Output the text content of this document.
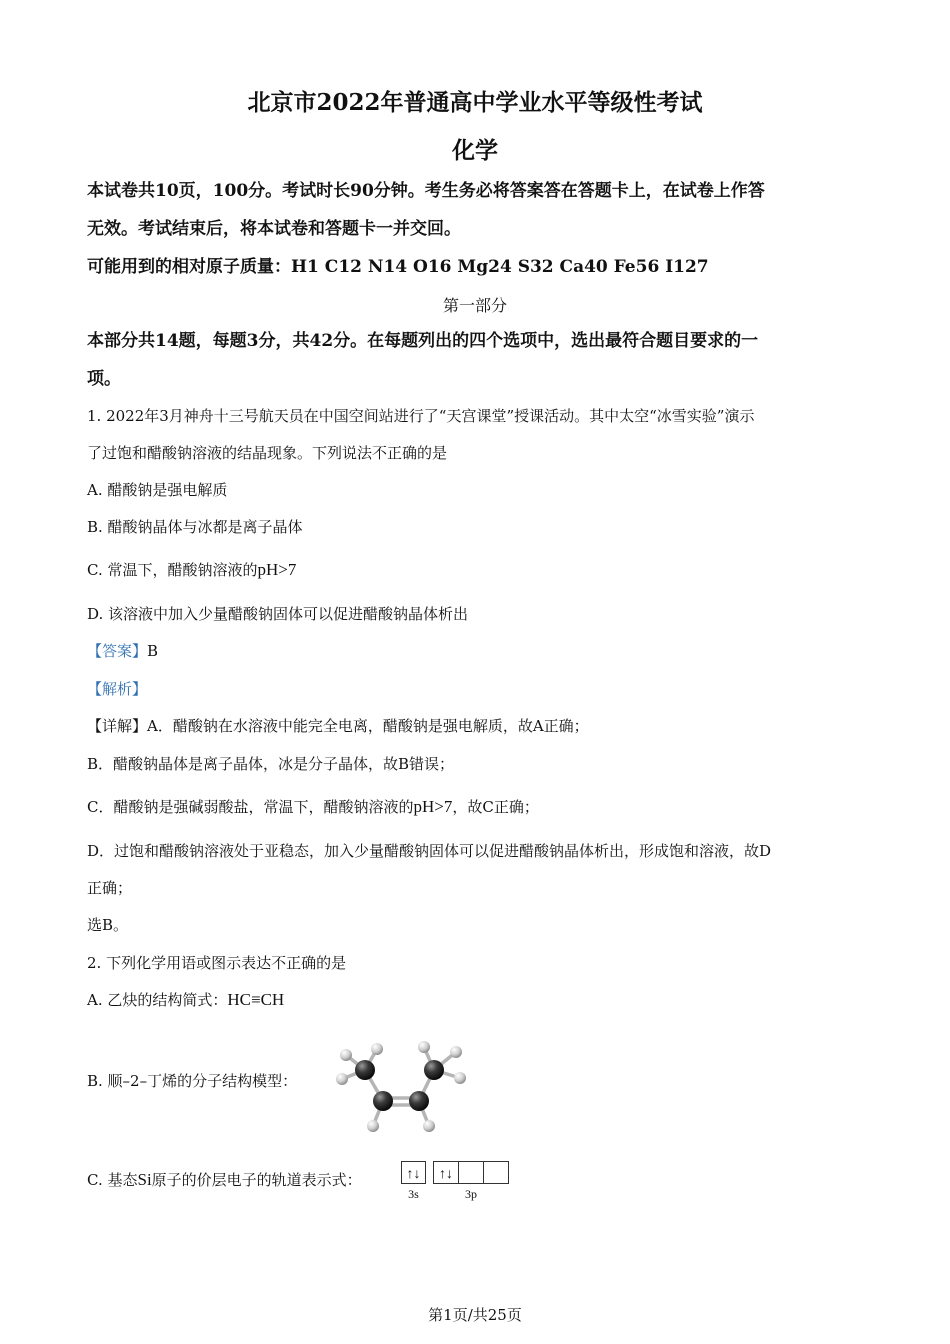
北京市2022年普通高中学业水平等级性考试
化学
本试卷共10页，100分。考试时长90分钟。考生务必将答案答在答题卡上，在试卷上作答
无效。考试结束后，将本试卷和答题卡一并交回。
可能用到的相对原子质量：H1 C12 N14 O16 Mg24 S32 Ca40 Fe56 I127
第一部分
本部分共14题，每题3分，共42分。在每题列出的四个选项中，选出最符合题目要求的一
项。
1. 2022年3月神舟十三号航天员在中国空间站进行了“天宫课堂”授课活动。其中太空“冰雪实验”演示
了过饱和醋酸钠溶液的结晶现象。下列说法不正确的是
A. 醋酸钠是强电解质
B. 醋酸钠晶体与冰都是离子晶体
C. 常温下，醋酸钠溶液的pH>7
D. 该溶液中加入少量醋酸钠固体可以促进醋酸钠晶体析出
【答案】B
【解析】
【详解】A．醋酸钠在水溶液中能完全电离，醋酸钠是强电解质，故A正确；
B．醋酸钠晶体是离子晶体，冰是分子晶体，故B错误；
C．醋酸钠是强碱弱酸盐，常温下，醋酸钠溶液的pH>7，故C正确；
D．过饱和醋酸钠溶液处于亚稳态，加入少量醋酸钠固体可以促进醋酸钠晶体析出，形成饱和溶液，故D
正确；
选B。
2. 下列化学用语或图示表达不正确的是
A. 乙炔的结构简式：HC≡CH
B. 顺–2–丁烯的分子结构模型：
C. 基态Si原子的价层电子的轨道表示式：	↑↓ ↑↓
3s	3p
第1页/共25页
